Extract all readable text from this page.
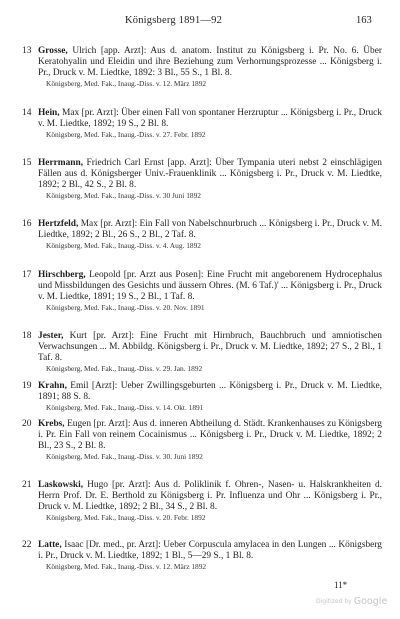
Königsberg 1891—92	163
13 Grosse, Ulrich [app. Arzt]: Aus d. anatom. Institut zu Königsberg i. Pr. No. 6. Über Keratohyalin und Eleidin und ihre Beziehung zum Verhornungsprozesse ... Königsberg i. Pr., Druck v. M. Liedtke, 1892: 3 Bl., 55 S., 1 Bl. 8.
Königsberg, Med. Fak., Inaug.-Diss. v. 12. März 1892
14 Hein, Max [pr. Arzt]: Über einen Fall von spontaner Herzruptur ... Königsberg i. Pr., Druck v. M. Liedtke, 1892; 19 S., 2 Bl. 8.
Königsberg, Med. Fak., Inaug.-Diss. v. 27. Febr. 1892
15 Herrmann, Friedrich Carl Ernst [app. Arzt]: Über Tympania uteri nebst 2 einschlägigen Fällen aus d. Königsberger Univ.-Frauenklinik ... Königsberg i. Pr., Druck v. M. Liedtke, 1892; 2 Bl., 42 S., 2 Bl. 8.
Königsberg, Med. Fak., Inaug.-Diss. v. 30 Juni 1892
16 Hertzfeld, Max [pr. Arzt]: Ein Fall von Nabelschnurbruch ... Königsberg i. Pr., Druck v. M. Liedtke, 1892; 2 Bl., 26 S., 2 Bl., 2 Taf. 8.
Königsberg, Med. Fak., Inaug.-Diss. v. 4. Aug. 1892
17 Hirschberg, Leopold [pr. Arzt aus Posen]: Eine Frucht mit angeborenem Hydrocephalus und Missbildungen des Gesichts und äussern Ohres. (M. 6 Taf.)' ... Königsberg i. Pr., Druck v. M. Liedtke, 1891; 19 S., 2 Bl., 1 Taf. 8.
Königsberg, Med. Fak., Inaug.-Diss. v. 20. Nov. 1891
18 Jester, Kurt [pr. Arzt]: Eine Frucht mit Hirnbruch, Bauchbruch und amniotischen Verwachsungen ... M. Abbildg. Königsberg i. Pr., Druck v. M. Liedtke, 1892; 27 S., 2 Bl., 1 Taf. 8.
Königsberg, Med. Fak., Inaug.-Diss. v. 29. Jan. 1892
19 Krahn, Emil [Arzt]: Ueber Zwillingsgeburten ... Königsberg i. Pr., Druck v. M. Liedtke, 1891; 88 S. 8.
Königsberg, Med. Fak., Inaug.-Diss. v. 14. Okt. 1891
20 Krebs, Eugen [pr. Arzt]: Aus d. inneren Abtheilung d. Städt. Krankenhauses zu Königsberg i. Pr. Ein Fall von reinem Cocainismus ... Königsberg i. Pr., Druck v. M. Liedtke, 1892; 2 Bl., 23 S., 2 Bl. 8.
Königsberg, Med. Fak., Inaug.-Diss. v. 30. Juni 1892
21 Laskowski, Hugo [pr. Arzt]: Aus d. Poliklinik f. Ohren-, Nasen- u. Halskrankheiten d. Herrn Prof. Dr. E. Berthold zu Königsberg i. Pr. Influenza und Ohr ... Königsberg i. Pr., Druck v. M. Liedtke, 1892; 2 Bl., 34 S., 2 Bl. 8.
Königsberg, Med. Fak., Inaug.-Diss. v. 20. Febr. 1892
22 Latte, Isaac [Dr. med., pr. Arzt]: Ueber Corpuscula amylacea in den Lungen ... Königsberg i. Pr., Druck v. M. Liedtke, 1892; 1 Bl., 5—29 S., 1 Bl. 8.
Königsberg, Med. Fak., Inaug.-Diss. v. 12. März 1892
11*
Digitized by Google
